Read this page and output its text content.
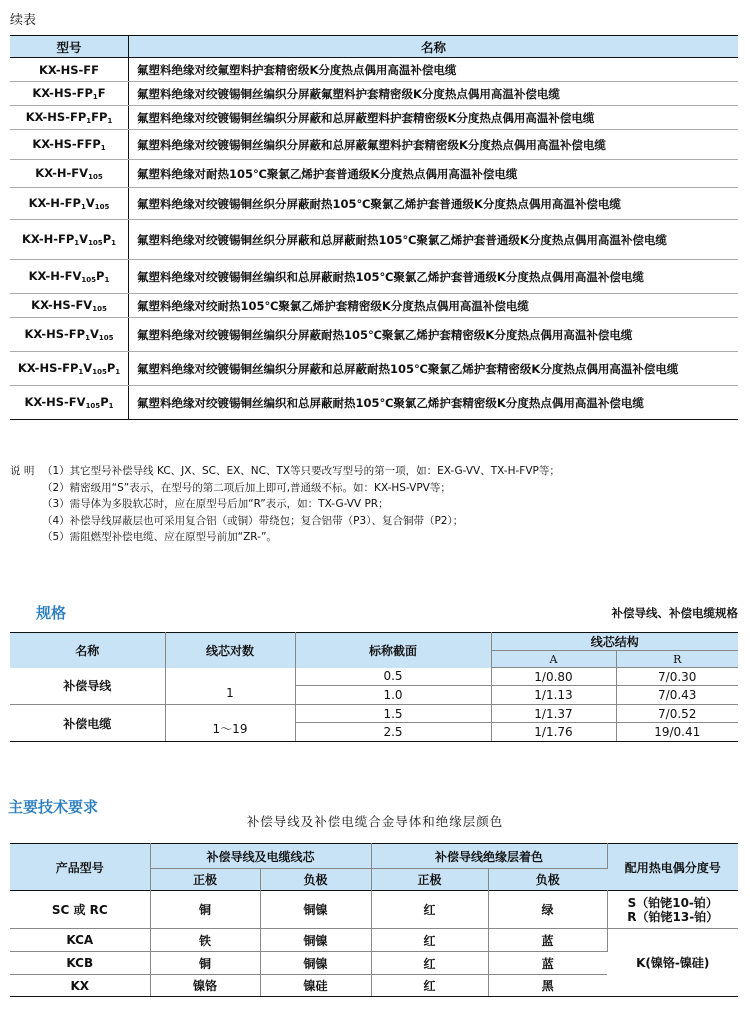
续表
型号	名称
KX-HS-FF	氟塑料绝缘对绞氟塑料护套精密级K分度热点偶用高温补偿电缆
$KX-HS-FP_1F$	氟塑料绝缘对绞镀锡铜丝编织分屏蔽氟塑料护套精密级K分度热点偶用高温补偿电缆
$KX-HS-FP_1FP_1$	氟塑料绝缘对绞镀锡铜丝编织分屏蔽和总屏蔽塑料护套精密级K分度热点偶用高温补偿电缆
$KX-HS-FFP_1$	氟塑料绝缘对绞镀锡铜丝编织分屏蔽和总屏蔽氟塑料护套精密级K分度热点偶用高温补偿电缆
$KX-H-FV_{105}$	氟塑料绝缘对耐热105℃聚氯乙烯护套普通级K分度热点偶用高温补偿电缆
$KX-H-FP_1V_{105}$	氟塑料绝缘对绞镀锡铜丝织分屏蔽耐热105℃聚氯乙烯护套普通级K分度热点偶用高温补偿电缆
$KX-H-FP_1V_{105}P_1$	氟塑料绝缘对绞镀锡铜丝织分屏蔽和总屏蔽耐热105℃聚氯乙烯护套普通级K分度热点偶用高温补偿电缆
$KX-H-FV_{105}P_1$	氟塑料绝缘对绞镀锡铜丝编织和总屏蔽耐热105℃聚氯乙烯护套普通级K分度热点偶用高温补偿电缆
$KX-HS-FV_{105}$	氟塑料绝缘对绞耐热105℃聚氯乙烯护套精密级K分度热点偶用高温补偿电缆
$KX-HS-FP_1V_{105}$	氟塑料绝缘对绞镀锡铜丝编织分屏蔽耐热105℃聚氯乙烯护套精密级K分度热点偶用高温补偿电缆
$KX-HS-FP_1V_{105}P_1$	氟塑料绝缘对绞镀锡铜丝编织分屏蔽和总屏蔽耐热105℃聚氯乙烯护套精密级K分度热点偶用高温补偿电缆
$KX-HS-FV_{105}P_1$	氟塑料绝缘对绞镀锡铜丝编织和总屏蔽耐热105℃聚氯乙烯护套精密级K分度热点偶用高温补偿电缆
说 明 （1）其它型号补偿导线 KC、JX、SC、EX、NC、TX等只要改写型号的第一项，如：EX-G-VV、TX-H-FVP等；
（2）精密级用“S”表示，在型号的第二项后加上即可,普通级不标。如：KX-HS-VPV等；
（3）需导体为多股软芯时，应在原型号后加“R”表示，如：TX-G-VV PR；
（4）补偿导线屏蔽层也可采用复合铝（或铜）带绕包；复合铝带（P3）、复合铜带（P2）；
（5）需阻燃型补偿电缆、应在原型号前加“ZR-”。
规格	补偿导线、补偿电缆规格
名称	线芯对数	标称截面	线芯结构	
			A	R
补偿导线	1	0.5	1/0.80	7/0.30
		1.0	1/1.13	7/0.43
补偿电缆	1～19	1.5	1/1.37	7/0.52
		2.5	1/1.76	19/0.41
主要技术要求
补偿导线及补偿电缆合金导体和绝缘层颜色
产品型号	补偿导线及电缆线芯		补偿导线绝缘层着色		配用热电偶分度号
	正极	负极	正极	负极	
SC 或 RC	铜	铜镍	红	绿	S（铂铑10-铂）
R（铂铑13-铂）

KCA	铁	铜镍	红	蓝	K(镍铬-镍硅)
KCB	铜	铜镍	红	蓝	
KX	镍铬	镍硅	红	黑	
